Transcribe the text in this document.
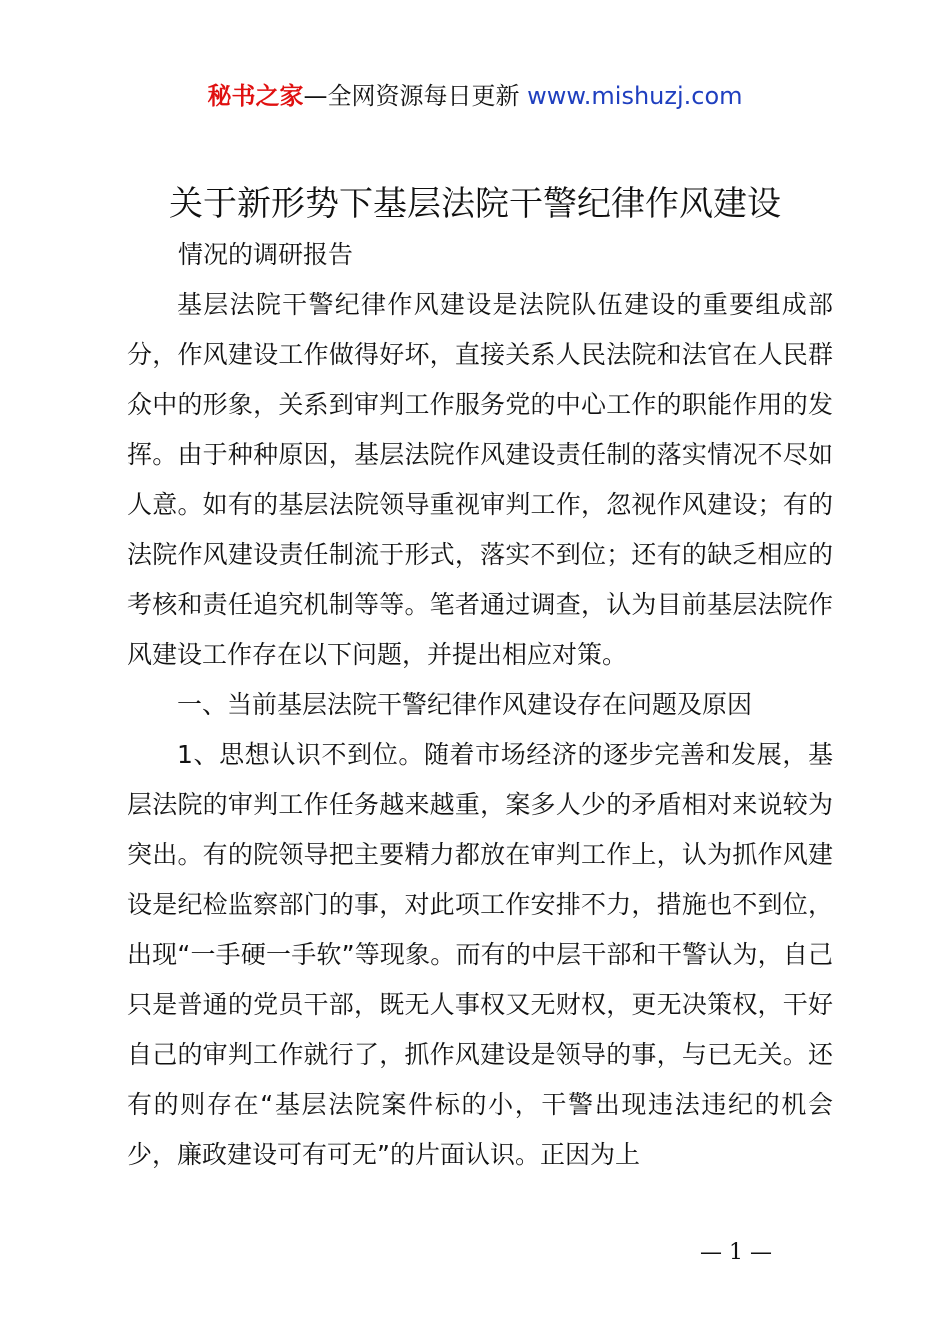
秘书之家—全网资源每日更新 www.mishuzj.com
关于新形势下基层法院干警纪律作风建设
情况的调研报告

基层法院干警纪律作风建设是法院队伍建设的重要组成部分，作风建设工作做得好坏，直接关系人民法院和法官在人民群众中的形象，关系到审判工作服务党的中心工作的职能作用的发挥。由于种种原因，基层法院作风建设责任制的落实情况不尽如人意。如有的基层法院领导重视审判工作，忽视作风建设；有的法院作风建设责任制流于形式，落实不到位；还有的缺乏相应的考核和责任追究机制等等。笔者通过调查，认为目前基层法院作风建设工作存在以下问题，并提出相应对策。

一、当前基层法院干警纪律作风建设存在问题及原因

1、思想认识不到位。随着市场经济的逐步完善和发展，基层法院的审判工作任务越来越重，案多人少的矛盾相对来说较为突出。有的院领导把主要精力都放在审判工作上，认为抓作风建设是纪检监察部门的事，对此项工作安排不力，措施也不到位，出现“一手硬一手软”等现象。而有的中层干部和干警认为，自己只是普通的党员干部，既无人事权又无财权，更无决策权，干好自己的审判工作就行了，抓作风建设是领导的事，与已无关。还有的则存在“基层法院案件标的小，干警出现违法违纪的机会少，廉政建设可有可无”的片面认识。正因为上

— 1 —
